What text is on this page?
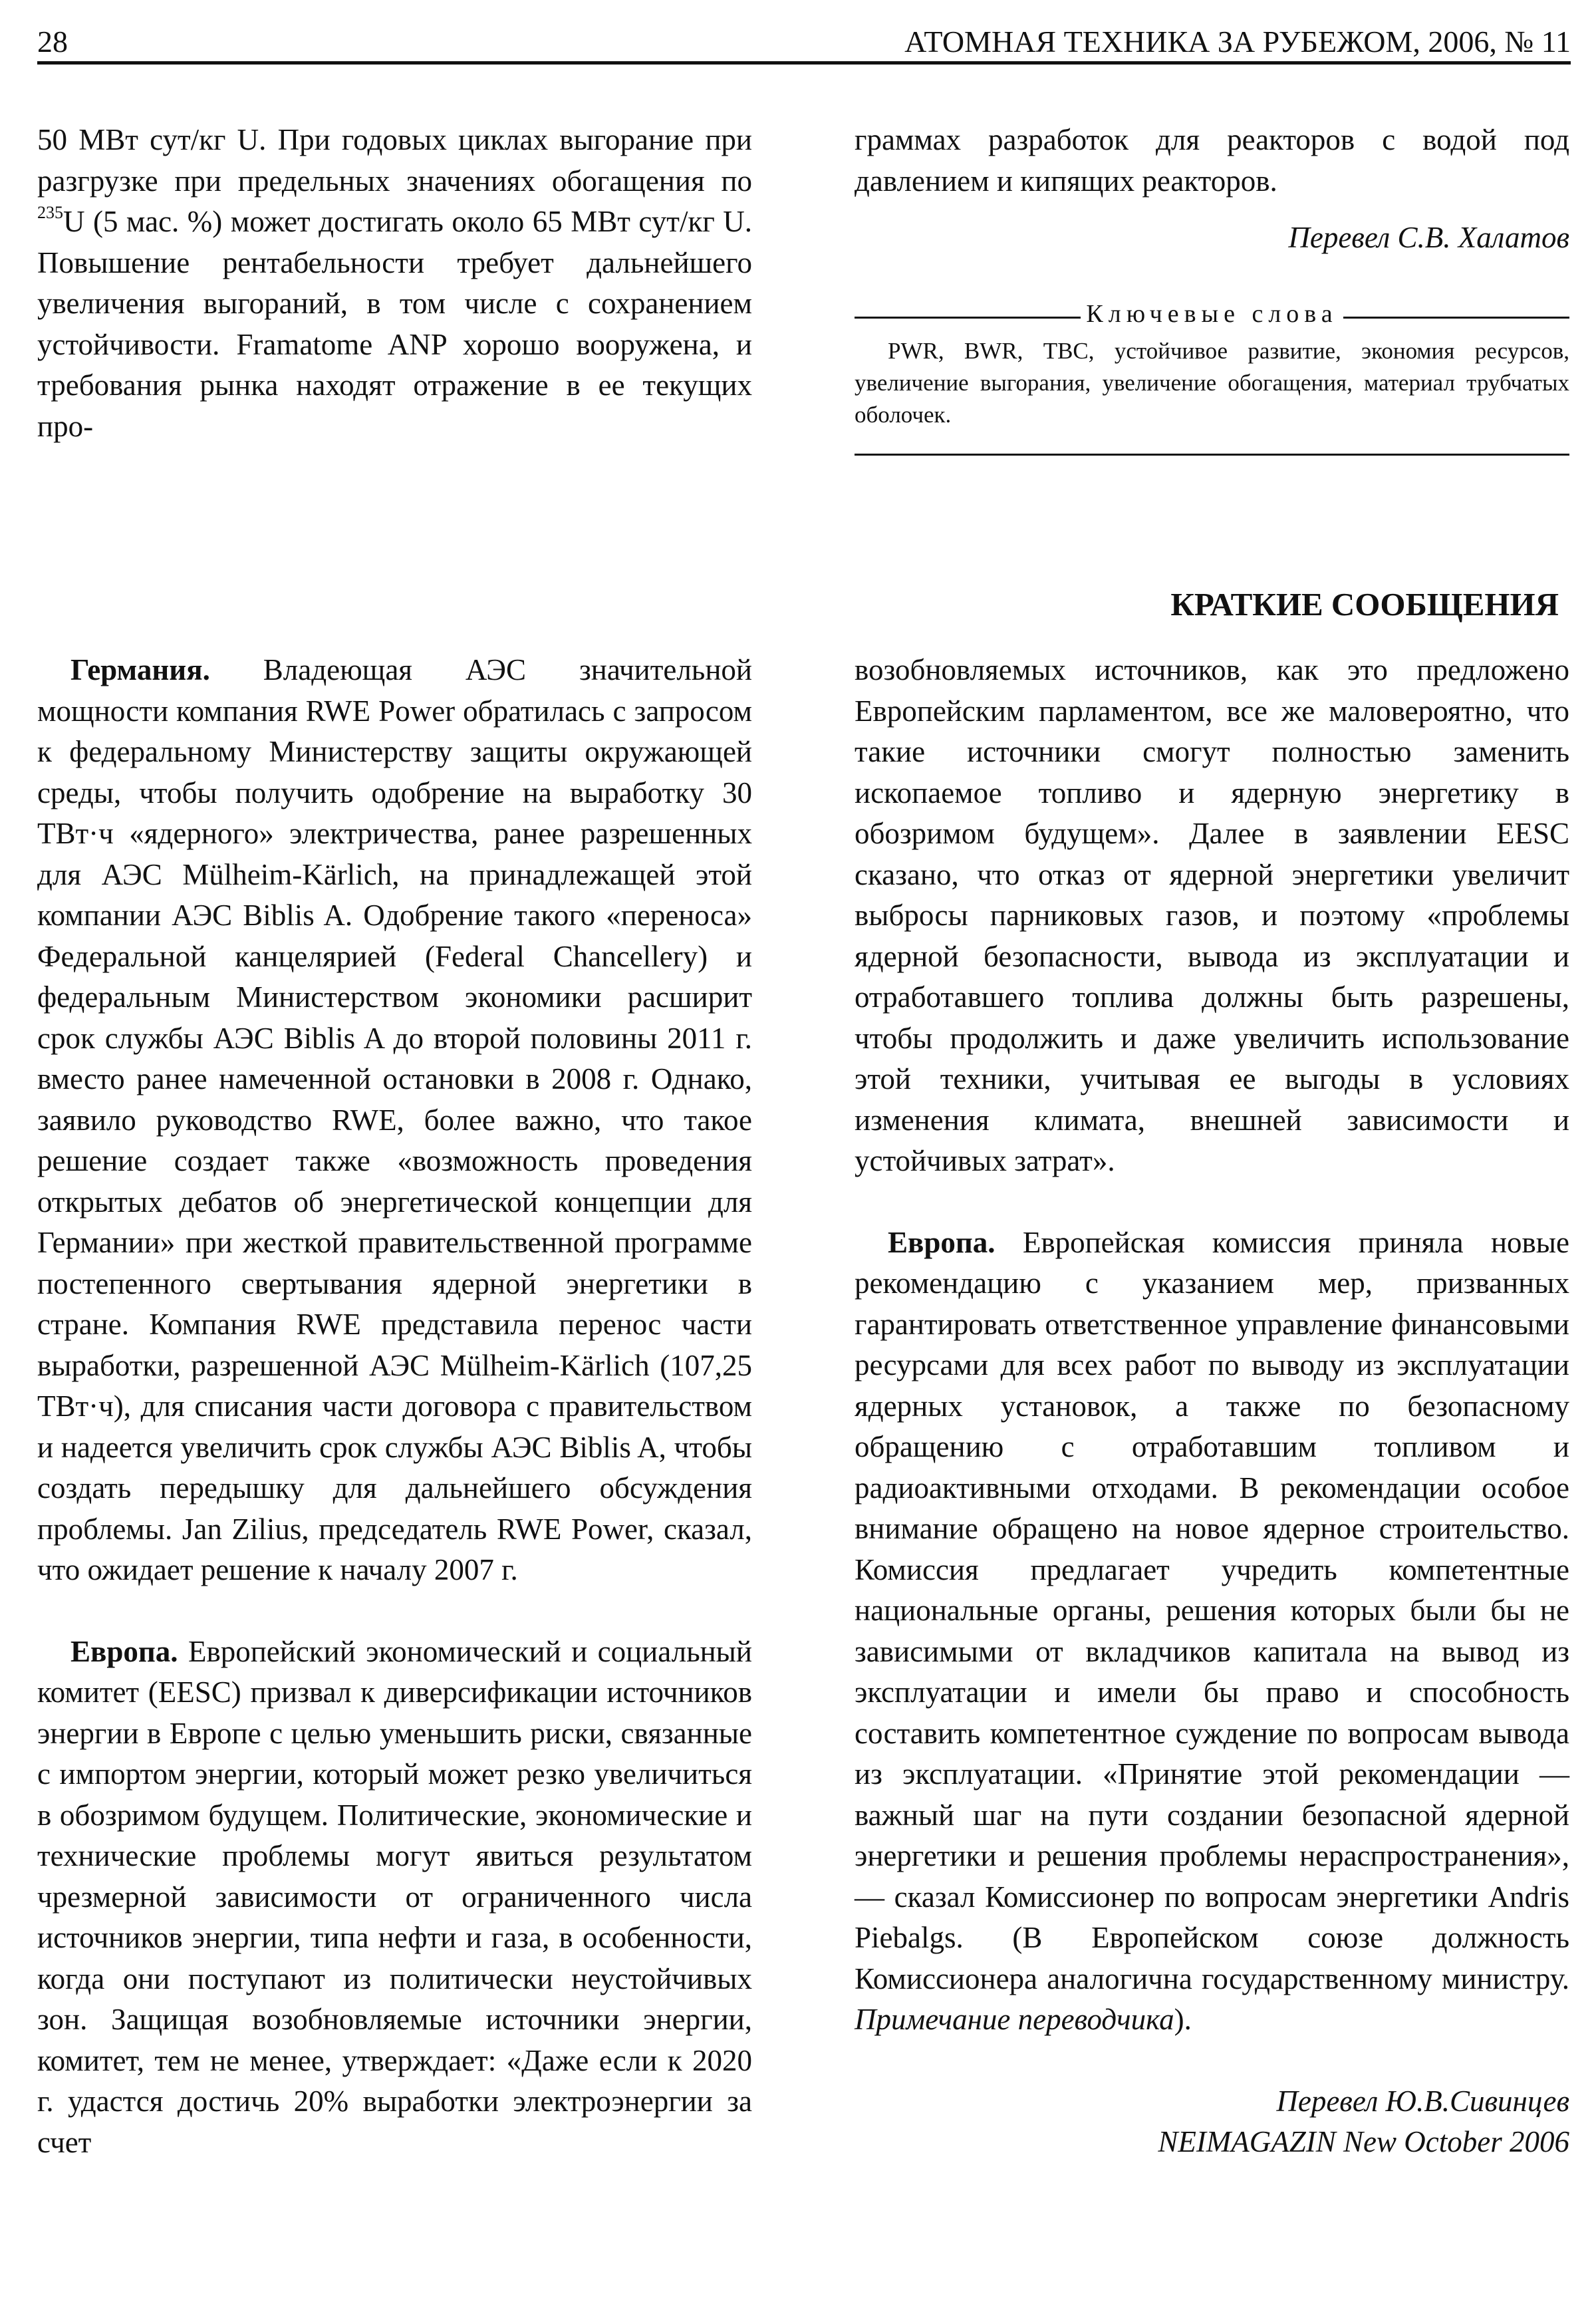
28	АТОМНАЯ ТЕХНИКА ЗА РУБЕЖОМ, 2006, № 11

50 МВт сут/кг U. При годовых циклах выгорание при разгрузке при предельных значениях обогащения по $^{235}$U (5 мас. %) может достигать около 65 МВт сут/кг U. Повышение рентабельности требует дальнейшего увеличения выгораний, в том числе с сохранением устойчивости. Framatome ANP хорошо вооружена, и требования рынка находят отражение в ее текущих про-

граммах разработок для реакторов с водой под давлением и кипящих реакторов.

Перевел С.В. Халатов

Ключевые слова
PWR, BWR, ТВС, устойчивое развитие, экономия ресурсов, увеличение выгорания, увеличение обогащения, материал трубчатых оболочек.
КРАТКИЕ СООБЩЕНИЯ

Германия. Владеющая АЭС значительной мощности компания RWE Power обратилась с запросом к федеральному Министерству защиты окружающей среды, чтобы получить одобрение на выработку 30 ТВт·ч «ядерного» электричества, ранее разрешенных для АЭС Mülheim-Kärlich, на принадлежащей этой компании АЭС Biblis A. Одобрение такого «переноса» Федеральной канцелярией (Federal Chancellery) и федеральным Министерством экономики расширит срок службы АЭС Biblis A до второй половины 2011 г. вместо ранее намеченной остановки в 2008 г. Однако, заявило руководство RWE, более важно, что такое решение создает также «возможность проведения открытых дебатов об энергетической концепции для Германии» при жесткой правительственной программе постепенного свертывания ядерной энергетики в стране. Компания RWE представила перенос части выработки, разрешенной АЭС Mülheim-Kärlich (107,25 ТВт·ч), для списания части договора с правительством и надеется увеличить срок службы АЭС Biblis A, чтобы создать передышку для дальнейшего обсуждения проблемы. Jan Zilius, председатель RWE Power, сказал, что ожидает решение к началу 2007 г.

Европа. Европейский экономический и социальный комитет (EESC) призвал к диверсификации источников энергии в Европе с целью уменьшить риски, связанные с импортом энергии, который может резко увеличиться в обозримом будущем. Политические, экономические и технические проблемы могут явиться результатом чрезмерной зависимости от ограниченного числа источников энергии, типа нефти и газа, в особенности, когда они поступают из политически неустойчивых зон. Защищая возобновляемые источники энергии, комитет, тем не менее, утверждает: «Даже если к 2020 г. удастся достичь 20% выработки электроэнергии за счет

возобновляемых источников, как это предложено Европейским парламентом, все же маловероятно, что такие источники смогут полностью заменить ископаемое топливо и ядерную энергетику в обозримом будущем». Далее в заявлении EESC сказано, что отказ от ядерной энергетики увеличит выбросы парниковых газов, и поэтому «проблемы ядерной безопасности, вывода из эксплуатации и отработавшего топлива должны быть разрешены, чтобы продолжить и даже увеличить использование этой техники, учитывая ее выгоды в условиях изменения климата, внешней зависимости и устойчивых затрат».

Европа. Европейская комиссия приняла новые рекомендацию с указанием мер, призванных гарантировать ответственное управление финансовыми ресурсами для всех работ по выводу из эксплуатации ядерных установок, а также по безопасному обращению с отработавшим топливом и радиоактивными отходами. В рекомендации особое внимание обращено на новое ядерное строительство. Комиссия предлагает учредить компетентные национальные органы, решения которых были бы не зависимыми от вкладчиков капитала на вывод из эксплуатации и имели бы право и способность составить компетентное суждение по вопросам вывода из эксплуатации. «Принятие этой рекомендации — важный шаг на пути создании безопасной ядерной энергетики и решения проблемы нераспространения», — сказал Комиссионер по вопросам энергетики Andris Piebalgs. (В Европейском союзе должность Комиссионера аналогична государственному министру. Примечание переводчика).

Перевел Ю.В.Сивинцев

NEIMAGAZIN New October 2006
